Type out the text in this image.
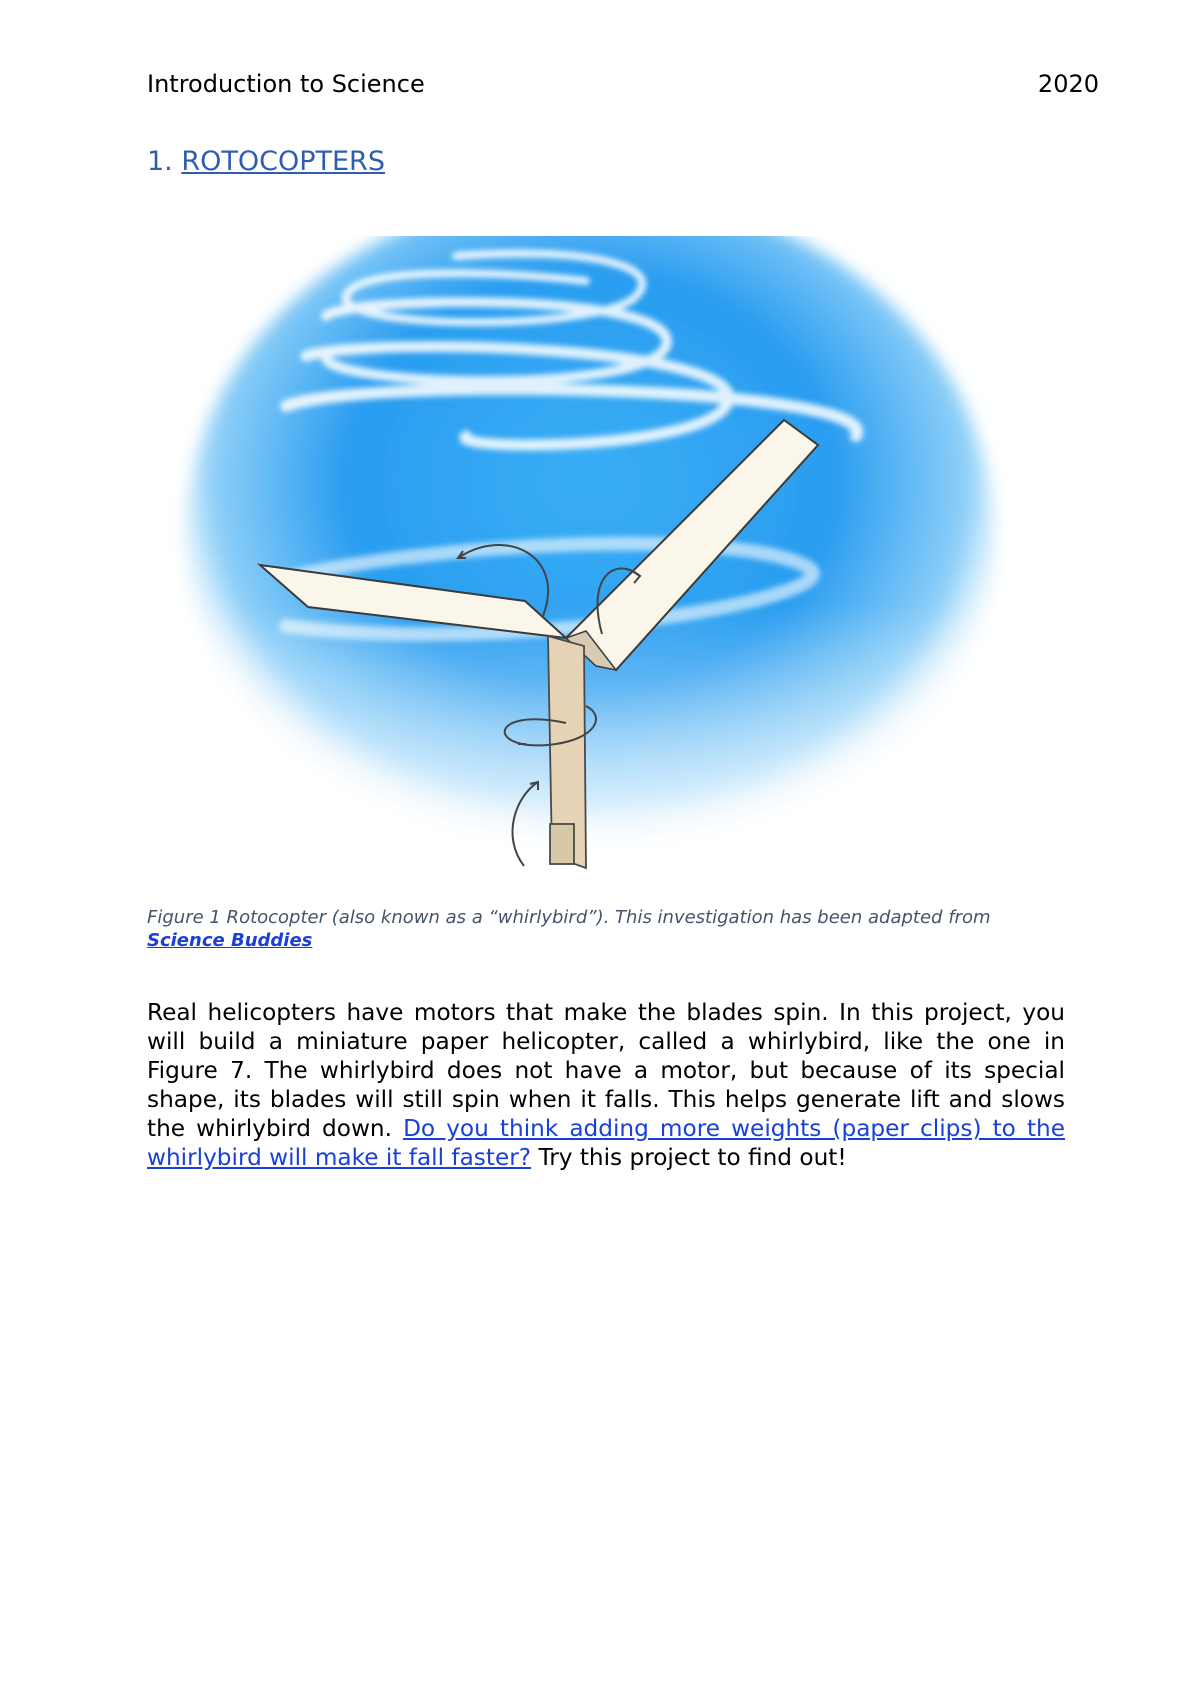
Introduction to Science	2020
1. ROTOCOPTERS
Figure 1 Rotocopter (also known as a “whirlybird”). This investigation has been adapted from
Science Buddies
Real helicopters have motors that make the blades spin. In this project, you will build a miniature paper helicopter, called a whirlybird, like the one in Figure 7. The whirlybird does not have a motor, but because of its special shape, its blades will still spin when it falls. This helps generate lift and slows the whirlybird down. Do you think adding more weights (paper clips) to the whirlybird will make it fall faster? Try this project to find out!
